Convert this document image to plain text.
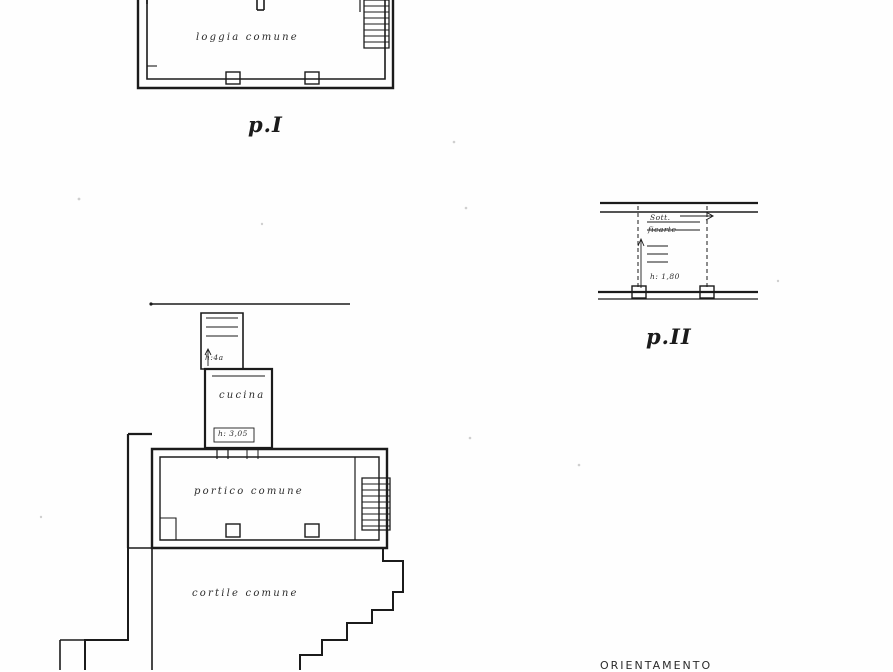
loggia comune
p.I
Sott.
ficarte
h: 1,80
p.II
h:4a
cucina
h: 3,05
portico comune
cortile comune
ORIENTAMENTO
